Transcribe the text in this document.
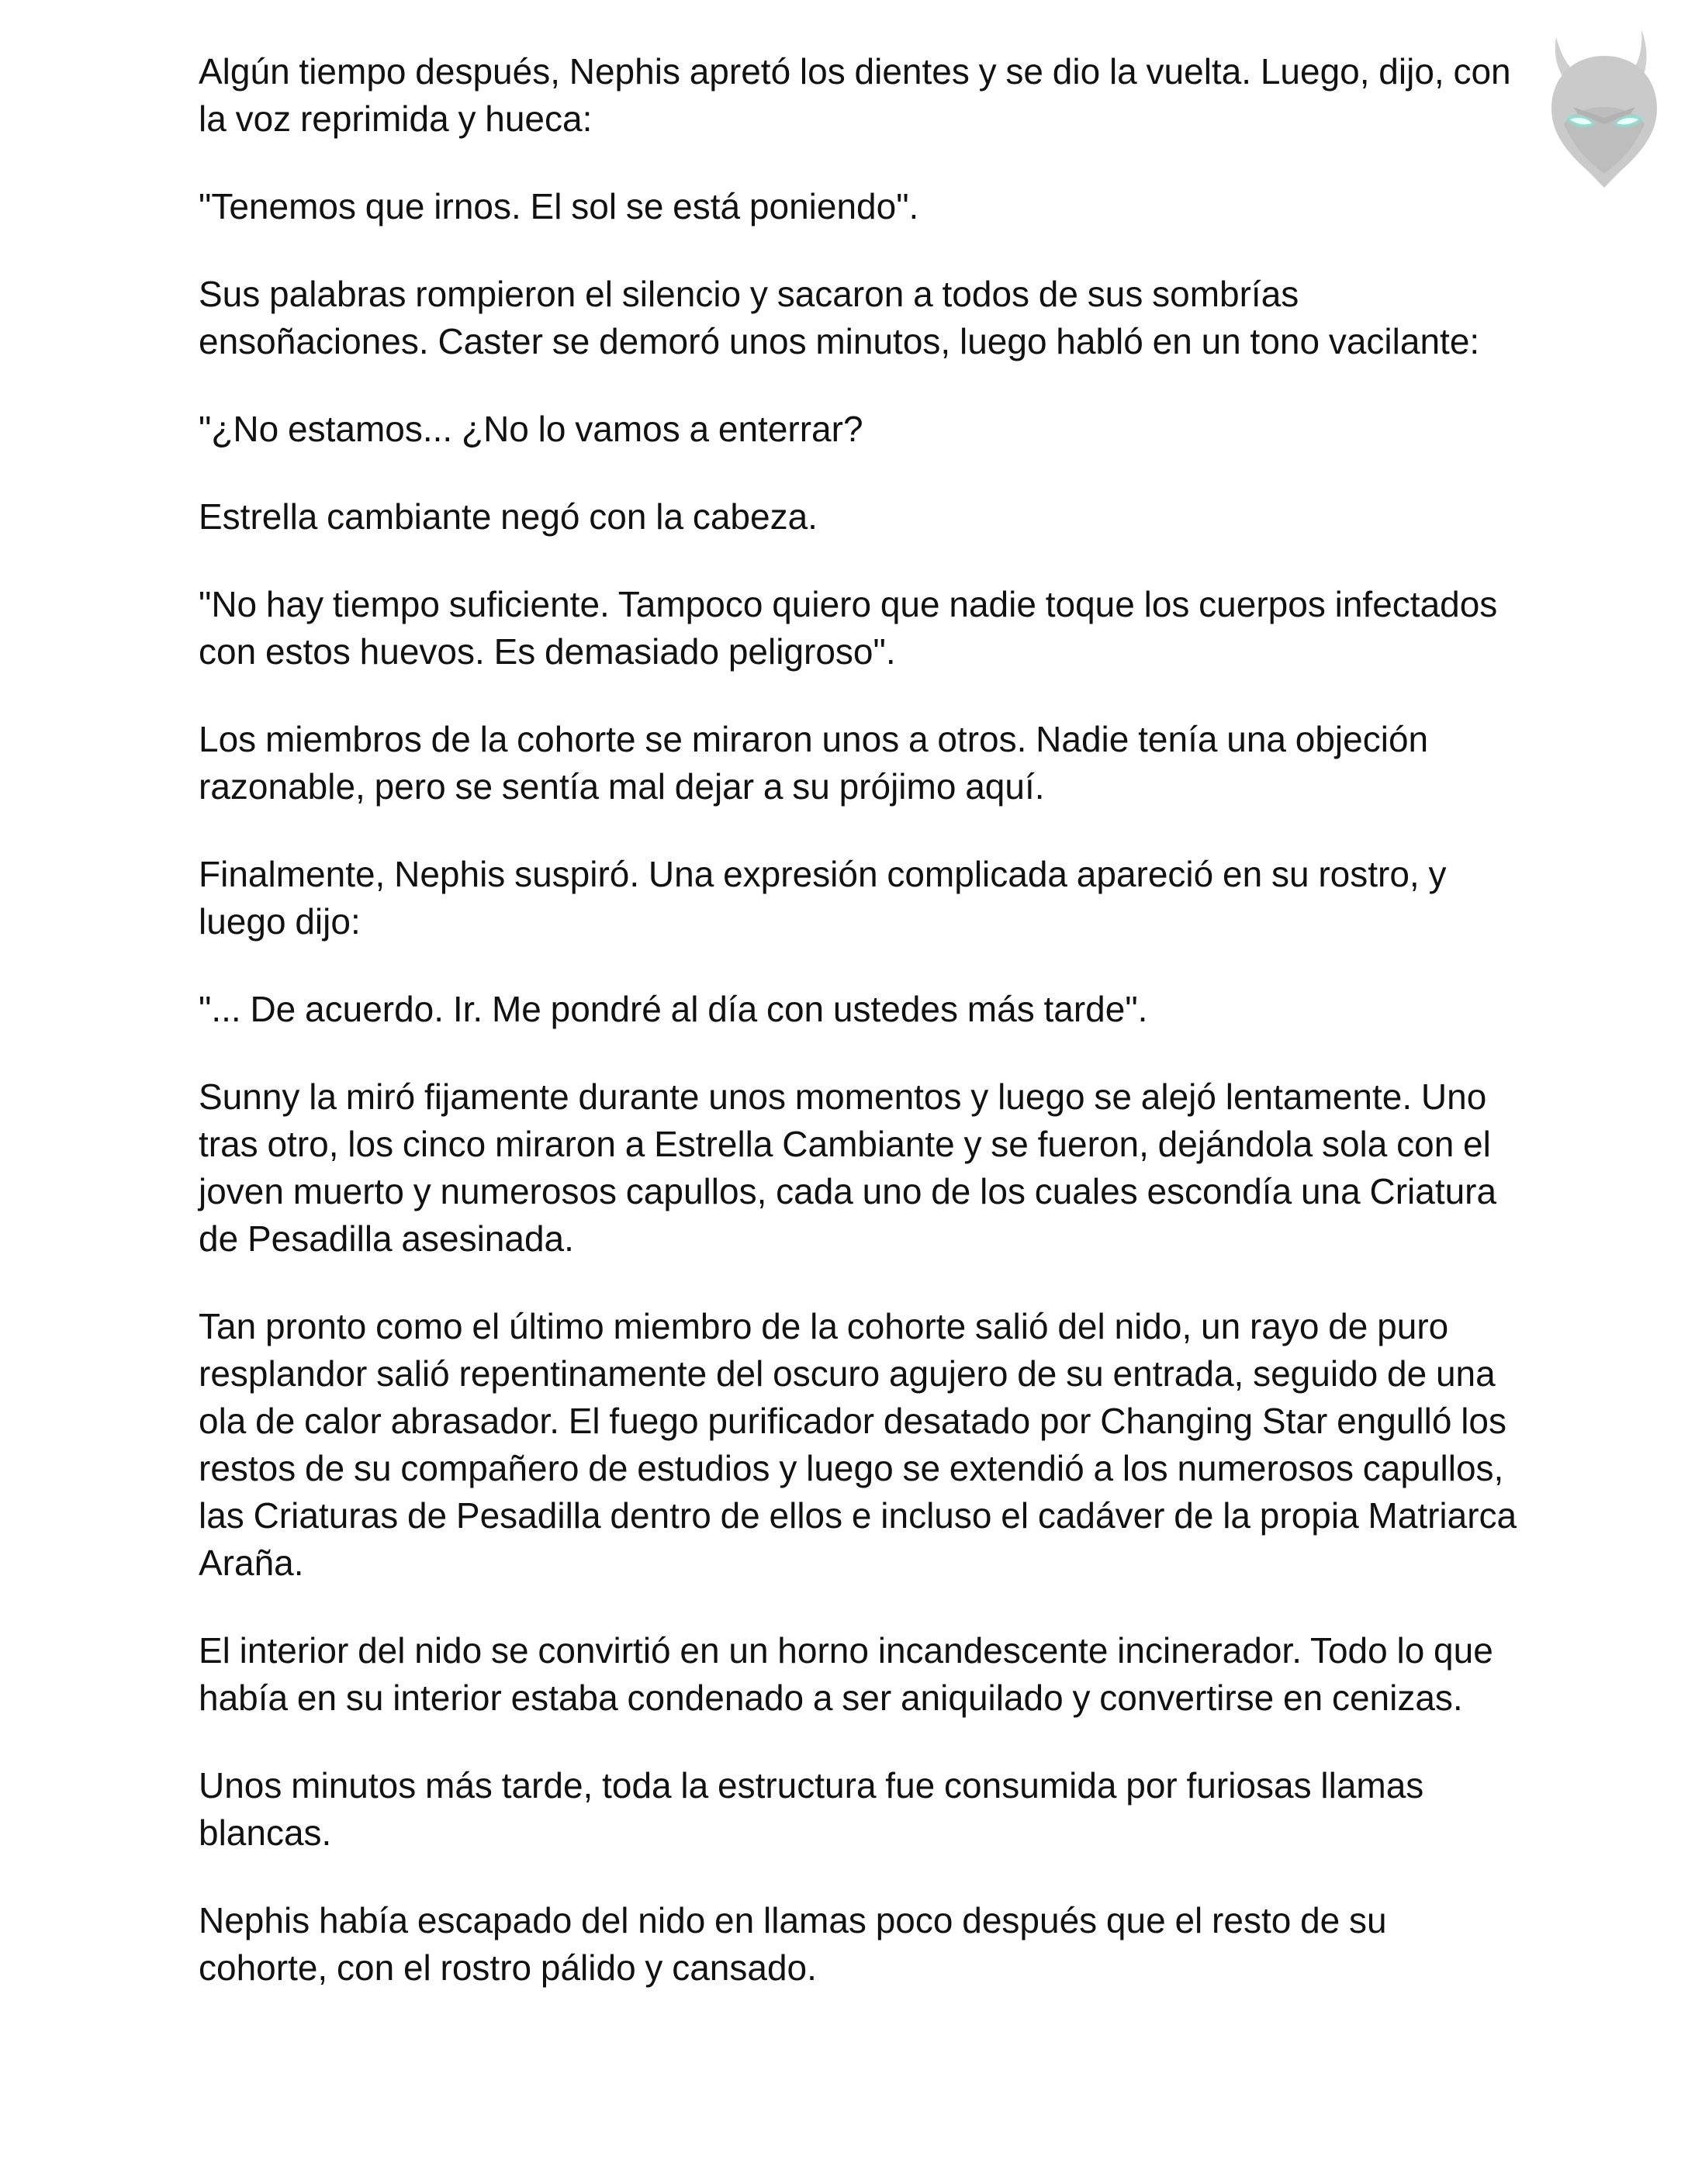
Algún tiempo después, Nephis apretó los dientes y se dio la vuelta. Luego, dijo, con la voz reprimida y hueca:

"Tenemos que irnos. El sol se está poniendo".

Sus palabras rompieron el silencio y sacaron a todos de sus sombrías ensoñaciones. Caster se demoró unos minutos, luego habló en un tono vacilante:

"¿No estamos... ¿No lo vamos a enterrar?

Estrella cambiante negó con la cabeza.

"No hay tiempo suficiente. Tampoco quiero que nadie toque los cuerpos infectados con estos huevos. Es demasiado peligroso".

Los miembros de la cohorte se miraron unos a otros. Nadie tenía una objeción razonable, pero se sentía mal dejar a su prójimo aquí.

Finalmente, Nephis suspiró. Una expresión complicada apareció en su rostro, y luego dijo:

"... De acuerdo. Ir. Me pondré al día con ustedes más tarde".

Sunny la miró fijamente durante unos momentos y luego se alejó lentamente. Uno tras otro, los cinco miraron a Estrella Cambiante y se fueron, dejándola sola con el joven muerto y numerosos capullos, cada uno de los cuales escondía una Criatura de Pesadilla asesinada.

Tan pronto como el último miembro de la cohorte salió del nido, un rayo de puro resplandor salió repentinamente del oscuro agujero de su entrada, seguido de una ola de calor abrasador. El fuego purificador desatado por Changing Star engulló los restos de su compañero de estudios y luego se extendió a los numerosos capullos, las Criaturas de Pesadilla dentro de ellos e incluso el cadáver de la propia Matriarca Araña.

El interior del nido se convirtió en un horno incandescente incinerador. Todo lo que había en su interior estaba condenado a ser aniquilado y convertirse en cenizas.

Unos minutos más tarde, toda la estructura fue consumida por furiosas llamas blancas.

Nephis había escapado del nido en llamas poco después que el resto de su cohorte, con el rostro pálido y cansado.
